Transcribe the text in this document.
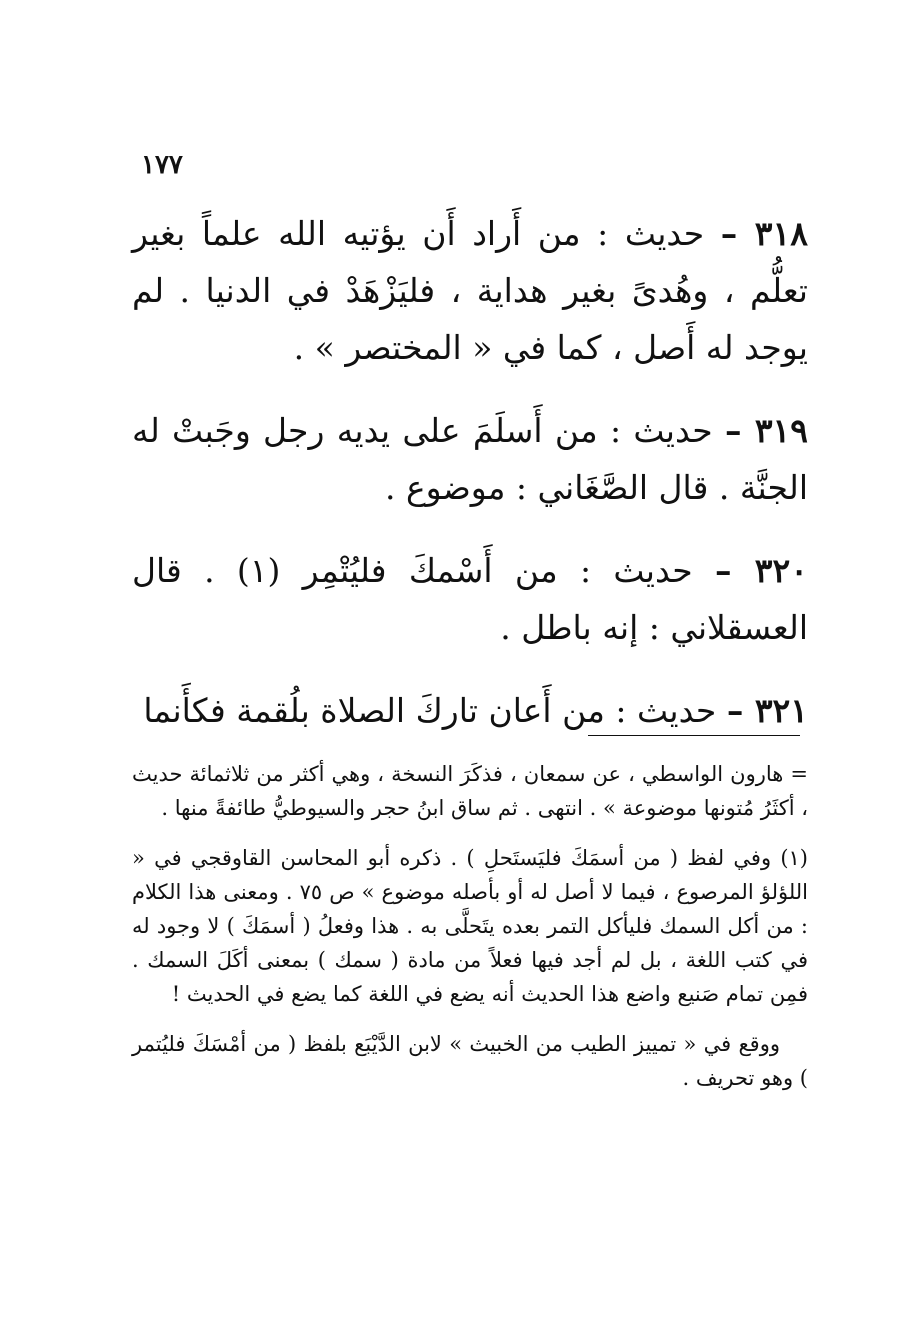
١٧٧

٣١٨ – حديث : من أَراد أَن يؤتيه الله علماً بغير تعلُّم ، وهُدىً بغير هداية ، فليَزْهَدْ في الدنيا . لم يوجد له أَصل ، كما في « المختصر » .

٣١٩ – حديث : من أَسلَمَ على يديه رجل وجَبتْ له الجنَّة . قال الصَّغَاني : موضوع .

٣٢٠ – حديث : من أَسْمكَ فليُتْمِر (١) . قال العسقلاني : إنه باطل .

٣٢١ – حديث : من أَعان تاركَ الصلاة بلُقمة فكأَنما

= هارون الواسطي ، عن سمعان ، فذكَرَ النسخة ، وهي أكثر من ثلاثمائة حديث ، أكثَرُ مُتونها موضوعة » . انتهى . ثم ساق ابنُ حجر والسيوطيُّ طائفةً منها .

(١) وفي لفظ ( من أسمَكَ فليَستَحلِ ) . ذكره أبو المحاسن القاوقجي في « اللؤلؤ المرصوع ، فيما لا أصل له أو بأصله موضوع » ص ٧٥ . ومعنى هذا الكلام : من أكل السمك فليأكل التمر بعده يتَحلَّى به . هذا وفعلُ ( أسمَكَ ) لا وجود له في كتب اللغة ، بل لم أجد فيها فعلاً من مادة ( سمك ) بمعنى أكَلَ السمك . فمِن تمام صَنيع واضع هذا الحديث أنه يضع في اللغة كما يضع في الحديث !

ووقع في « تمييز الطيب من الخبيث » لابن الدَّيْبَع بلفظ ( من أمْسَكَ فليُتمر ) وهو تحريف .
